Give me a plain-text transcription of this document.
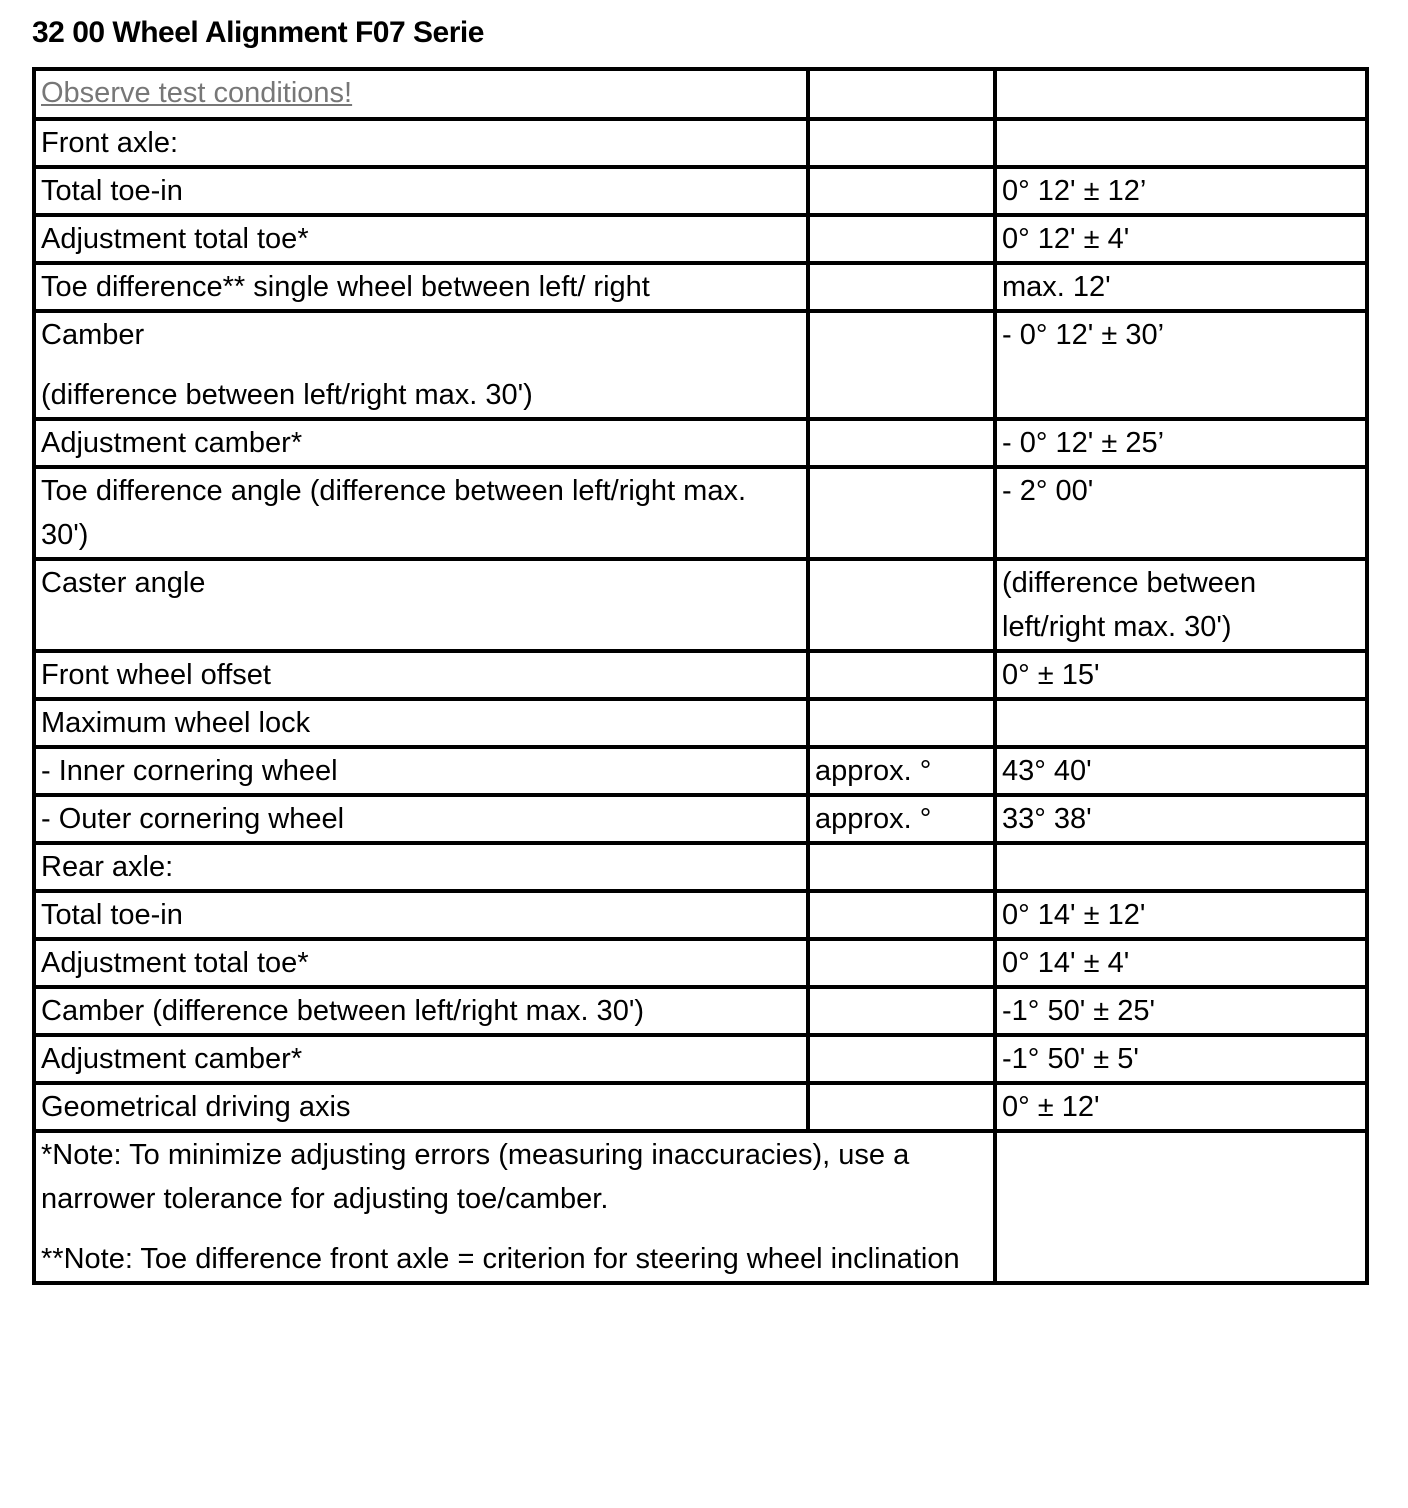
32 00 Wheel Alignment F07 Serie
Observe test conditions!		
Front axle:		
Total toe-in		0° 12' ± 12’
Adjustment total toe*		0° 12' ± 4'
Toe difference** single wheel between left/ right		max. 12'

Camber
(difference between left/right max. 30')		- 0° 12' ± 30’
Adjustment camber*		- 0° 12' ± 25’
Toe difference angle (difference between left/right max. 30')		- 2° 00'
Caster angle		(difference between left/right max. 30')
Front wheel offset		0° ± 15'
Maximum wheel lock		
- Inner cornering wheel	approx. °	43° 40'
- Outer cornering wheel	approx. °	33° 38'
Rear axle:		
Total toe-in		0° 14' ± 12'
Adjustment total toe*		0° 14' ± 4'
Camber (difference between left/right max. 30')		-1° 50' ± 25'
Adjustment camber*		-1° 50' ± 5'
Geometrical driving axis		0° ± 12'

*Note: To minimize adjusting errors (measuring inaccuracies), use a narrower tolerance for adjusting toe/camber.
**Note: Toe difference front axle = criterion for steering wheel inclination		
